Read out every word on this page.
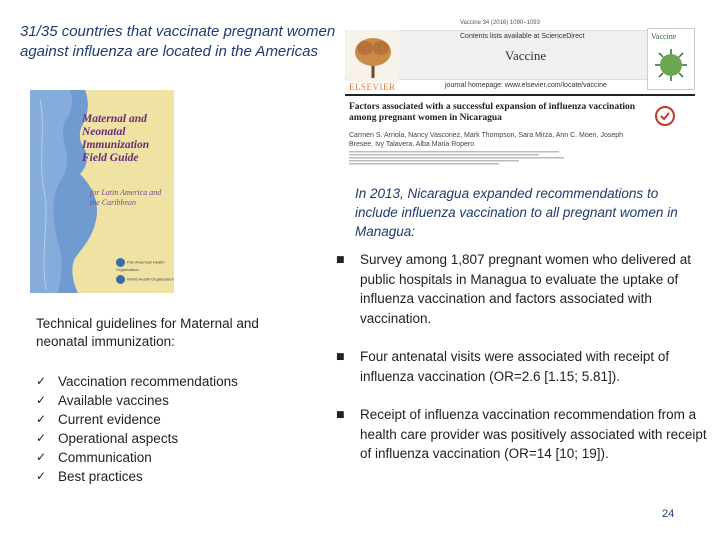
31/35 countries that vaccinate pregnant women against influenza are located in the Americas
Vaccine 34 (2016) 1090–1093
ELSEVIER
Contents lists available at ScienceDirect
Vaccine
journal homepage: www.elsevier.com/locate/vaccine
Vaccine
Factors associated with a successful expansion of influenza vaccination among pregnant women in Nicaragua
Carmen S. Arriola, Nancy Vasconez, Mark Thompson, Sara Mirza, Ann C. Moen, Joseph Bresee, Ivy Talavera, Alba Maria Ropero
Maternal and Neonatal Immunization Field Guide
for Latin America and the Caribbean
Pan American Health Organization
World Health Organization
Technical guidelines for Maternal and neonatal immunization:
✓ Vaccination recommendations
✓ Available vaccines
✓ Current evidence
✓ Operational aspects
✓ Communication
✓ Best practices
In 2013, Nicaragua expanded recommendations to include influenza vaccination to all pregnant women in Managua:
■	Survey among 1,807 pregnant women who delivered at public hospitals in Managua to evaluate the uptake of influenza vaccination and factors associated with vaccination.
■	Four antenatal visits were associated with receipt of influenza vaccination (OR=2.6 [1.15; 5.81]).
■	Receipt of influenza vaccination recommendation from a health care provider was positively associated with receipt of influenza vaccination (OR=14 [10; 19]).
24
